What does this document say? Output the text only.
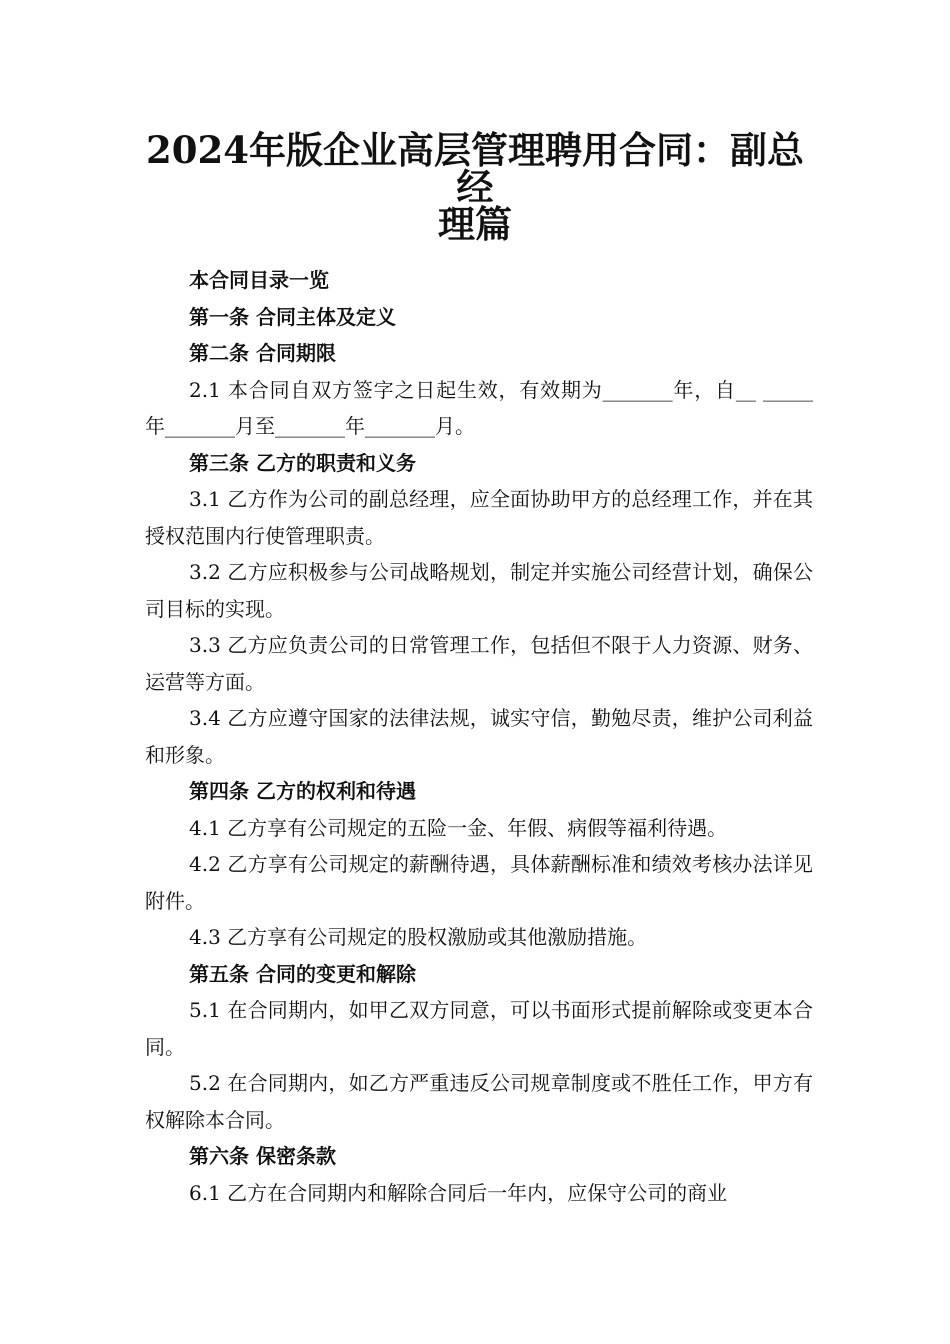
2024年版企业高层管理聘用合同：副总经
理篇

本合同目录一览

第一条 合同主体及定义

第二条 合同期限

2.1 本合同自双方签字之日起生效，有效期为_______年，自__ _____年_______月至_______年_______月。

第三条 乙方的职责和义务

3.1 乙方作为公司的副总经理，应全面协助甲方的总经理工作，并在其授权范围内行使管理职责。

3.2 乙方应积极参与公司战略规划，制定并实施公司经营计划，确保公司目标的实现。

3.3 乙方应负责公司的日常管理工作，包括但不限于人力资源、财务、运营等方面。

3.4 乙方应遵守国家的法律法规，诚实守信，勤勉尽责，维护公司利益和形象。

第四条 乙方的权利和待遇

4.1 乙方享有公司规定的五险一金、年假、病假等福利待遇。

4.2 乙方享有公司规定的薪酬待遇，具体薪酬标准和绩效考核办法详见附件。

4.3 乙方享有公司规定的股权激励或其他激励措施。

第五条 合同的变更和解除

5.1 在合同期内，如甲乙双方同意，可以书面形式提前解除或变更本合同。

5.2 在合同期内，如乙方严重违反公司规章制度或不胜任工作，甲方有权解除本合同。

第六条 保密条款

6.1 乙方在合同期内和解除合同后一年内，应保守公司的商业
